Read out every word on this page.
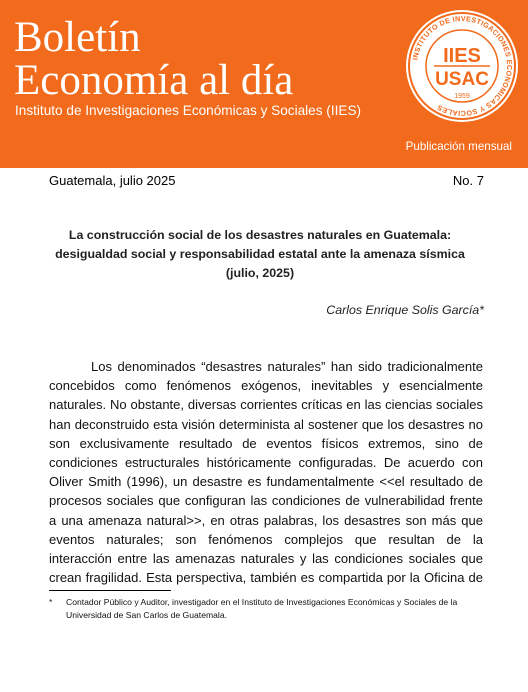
Boletín
Economía al día
Instituto de Investigaciones Económicas y Sociales (IIES)
Publicación mensual
INSTITUTO DE INVESTIGACIONES ECONOMICAS Y SOCIALES
IIES
USAC
1959
Guatemala, julio 2025	No. 7
La construcción social de los desastres naturales en Guatemala: desigualdad social y responsabilidad estatal ante la amenaza sísmica (julio, 2025)
Carlos Enrique Solis García*

Los denominados “desastres naturales” han sido tradicionalmente concebidos como fenómenos exógenos, inevitables y esencialmente naturales. No obstante, diversas corrientes críticas en las ciencias sociales han deconstruido esta visión determinista al sostener que los desastres no son exclusivamente resultado de eventos físicos extremos, sino de condiciones estructurales históricamente configuradas. De acuerdo con Oliver Smith (1996), un desastre es fundamentalmente <<el resultado de procesos sociales que configuran las condiciones de vulnerabilidad frente a una amenaza natural>>, en otras palabras, los desastres son más que eventos naturales; son fenómenos complejos que resultan de la interacción entre las amenazas naturales y las condiciones sociales que crean fragilidad. Esta perspectiva, también es compartida por la Oficina de

*	Contador Público y Auditor, investigador en el Instituto de Investigaciones Económicas y Sociales de la Universidad de San Carlos de Guatemala.
